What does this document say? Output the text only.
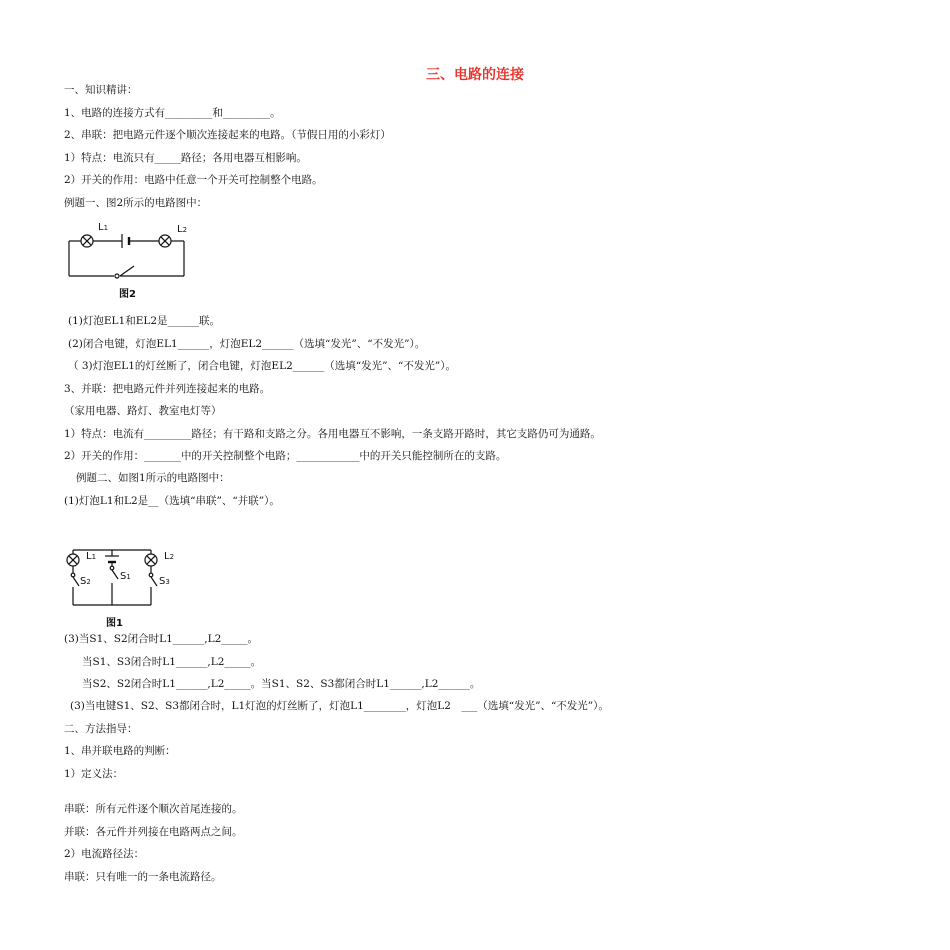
三、电路的连接
一、知识精讲：
1、电路的连接方式有_________和_________。
2、串联：把电路元件逐个顺次连接起来的电路。（节假日用的小彩灯）
1）特点：电流只有_____路径；各用电器互相影响。
2）开关的作用：电路中任意一个开关可控制整个电路。
例题一、图2所示的电路图中：
L1	L2
图2
(1)灯泡EL1和EL2是______联。
(2)闭合电键，灯泡EL1______，灯泡EL2______（选填“发光”、“不发光”）。
（ 3)灯泡EL1的灯丝断了，闭合电键，灯泡EL2______（选填“发光”、“不发光”）。
3、并联：把电路元件并列连接起来的电路。
（家用电器、路灯、教室电灯等）
1）特点：电流有_________路径；有干路和支路之分。各用电器互不影响，一条支路开路时，其它支路仍可为通路。
2）开关的作用：_______中的开关控制整个电路；____________中的开关只能控制所在的支路。
例题二、如图1所示的电路图中：
(1)灯泡L1和L2是__（选填“串联”、“并联”）。
L1	L2
S1
S2	S3
图1
(3)当S1、S2闭合时L1______,L2_____。
当S1、S3闭合时L1______,L2_____。
当S2、S2闭合时L1______,L2_____。当S1、S2、S3都闭合时L1______,L2______。
(3)当电键S1、S2、S3都闭合时，L1灯泡的灯丝断了，灯泡L1________，灯泡L2　___（选填“发光”、“不发光”）。
二、方法指导：
1、串并联电路的判断：
1）定义法：
串联：所有元件逐个顺次首尾连接的。
并联：各元件并列接在电路两点之间。
2）电流路径法：
串联：只有唯一的一条电流路径。
